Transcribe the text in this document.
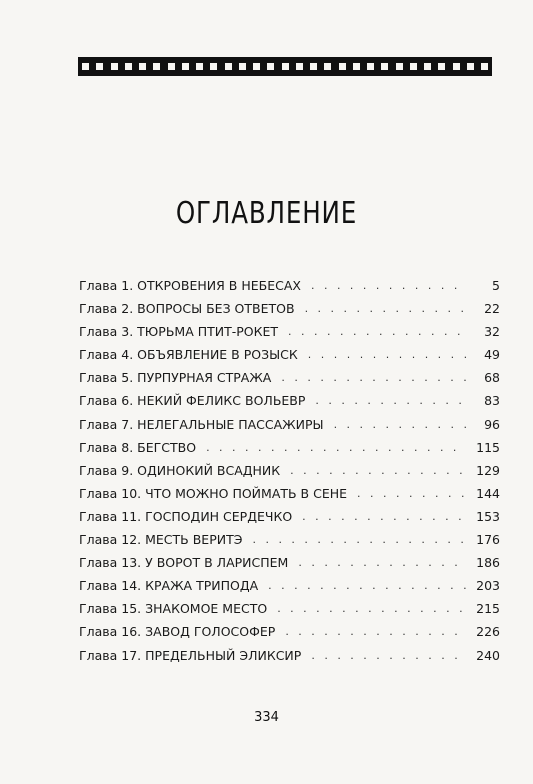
ОГЛАВЛЕНИЕ
Глава 1. ОТКРОВЕНИЯ В НЕБЕСАХ . . .	5
Глава 2. ВОПРОСЫ БЕЗ ОТВЕТОВ . . .	22
Глава 3. ТЮРЬМА ПТИТ-РОКЕТ . . .	32
Глава 4. ОБЪЯВЛЕНИЕ В РОЗЫСК . . .	49
Глава 5. ПУРПУРНАЯ СТРАЖА . . .	68
Глава 6. НЕКИЙ ФЕЛИКС ВОЛЬЕВР . . .	83
Глава 7. НЕЛЕГАЛЬНЫЕ ПАССАЖИРЫ . . .	96
Глава 8. БЕГСТВО . . .	115
Глава 9. ОДИНОКИЙ ВСАДНИК . . .	129
Глава 10. ЧТО МОЖНО ПОЙМАТЬ В СЕНЕ . . .	144
Глава 11. ГОСПОДИН СЕРДЕЧКО . . .	153
Глава 12. МЕСТЬ ВЕРИТЭ . . .	176
Глава 13. У ВОРОТ В ЛАРИСПЕМ . . .	186
Глава 14. КРАЖА ТРИПОДА . . .	203
Глава 15. ЗНАКОМОЕ МЕСТО . . .	215
Глава 16. ЗАВОД ГОЛОСОФЕР . . .	226
Глава 17. ПРЕДЕЛЬНЫЙ ЭЛИКСИР . . .	240
334
